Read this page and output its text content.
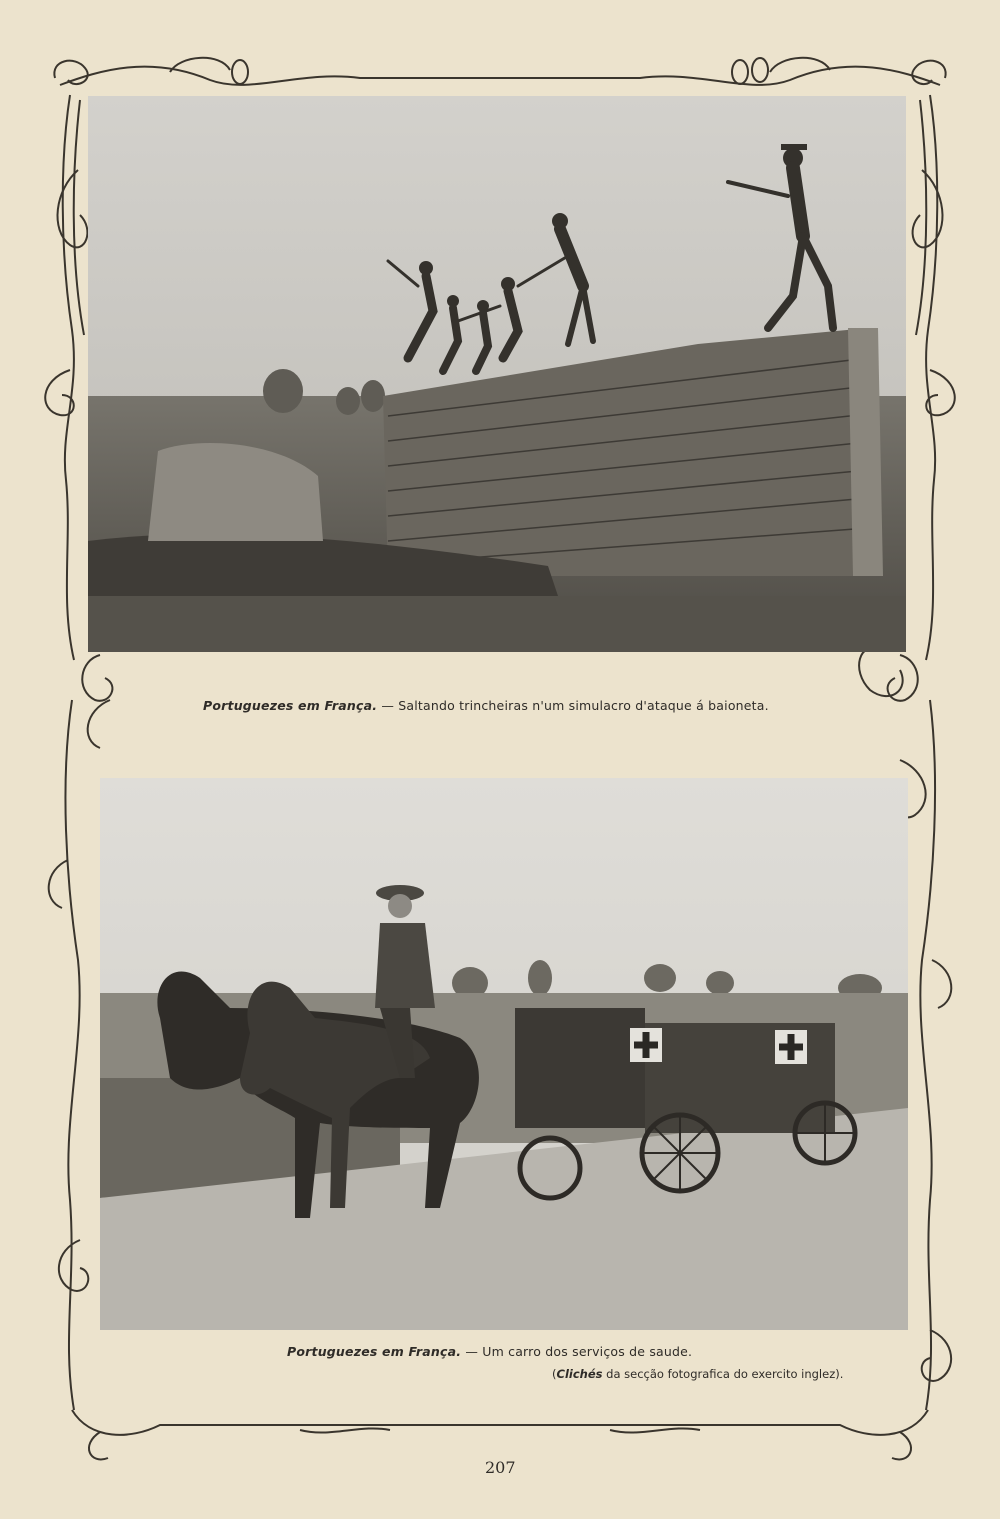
Portuguezes em França. — Saltando trincheiras n'um simulacro d'ataque á baioneta.
Portuguezes em França. — Um carro dos serviços de saude.
(Clichés da secção fotografica do exercito inglez).
207
